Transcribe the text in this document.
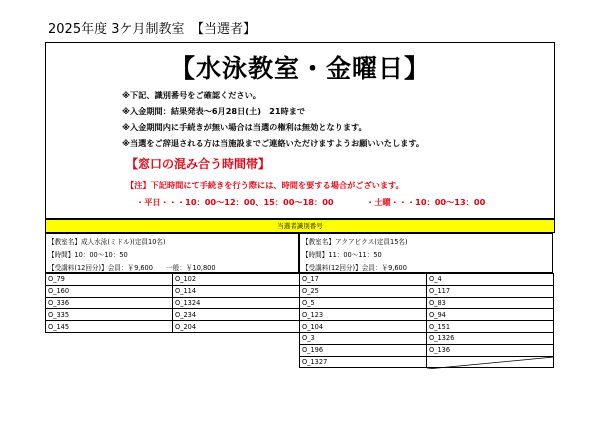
2025年度 3ケ月制教室　【当選者】
【水泳教室・金曜日】
※下記、識別番号をご確認ください。
※入金期間：結果発表～6月28日(土)　21時まで
※入金期間内に手続きが無い場合は当選の権利は無効となります。
※当選をご辞退される方は当施設までご連絡いただけますようお願いいたします。
【窓口の混み合う時間帯】
【注】下記時間にて手続きを行う際には、時間を要する場合がございます。
・平日・・・10：00～12：00、15：00～18：00	・土曜・・・10：00～13：00
当選者識別番号
【教室名】成人水泳(ミドル)(定員10名)
【時間】10：00～10：50
【受講料(12回分)】会員：￥9,600　　一般：￥10,800
【教室名】アクアビクス(定員15名)
【時間】11：00～11：50
【受講料(12回分)】会員：￥9,600
O_79	O_102
O_160	O_114
O_336	O_1324
O_335	O_234
O_145	O_204
O_17	O_4
O_25	O_117
O_5	O_83
O_123	O_94
O_104	O_151
O_3	O_1326
O_196	O_136
O_1327	
